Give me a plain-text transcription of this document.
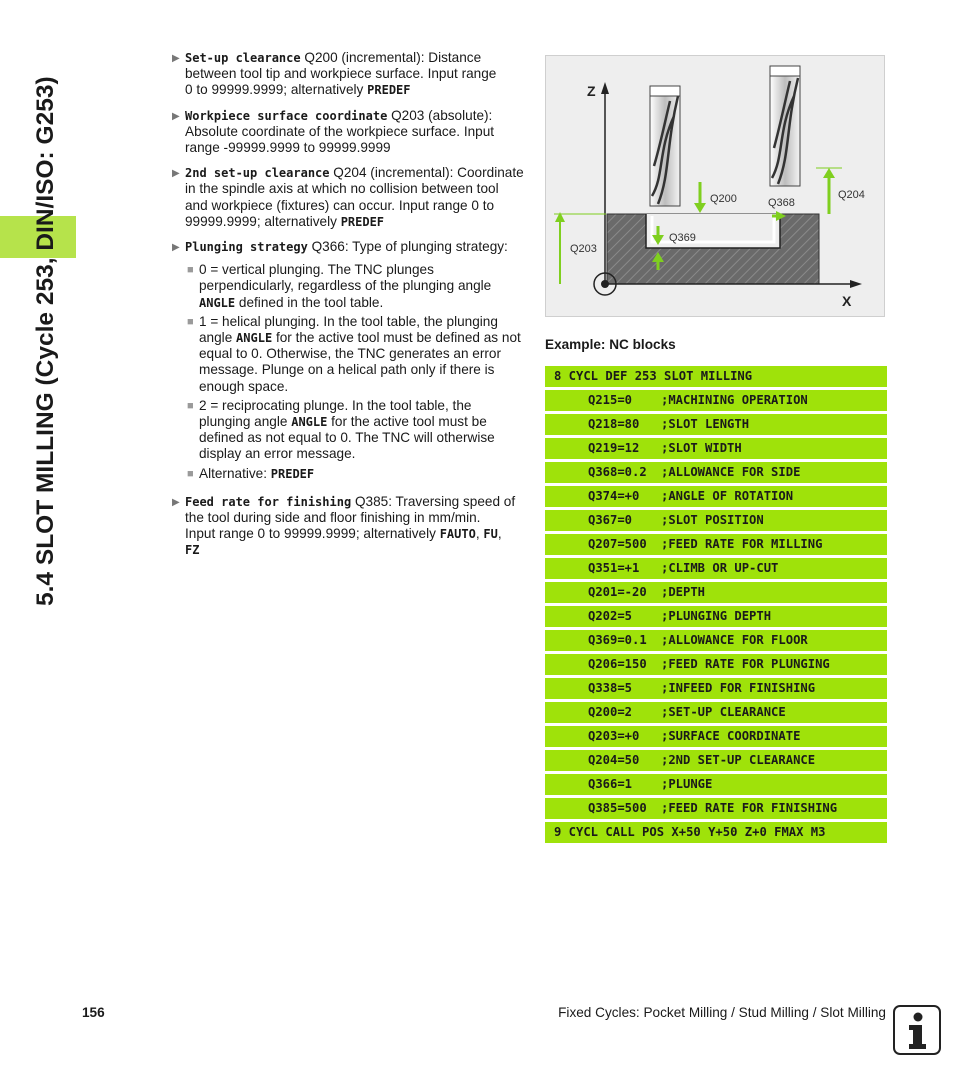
5.4 SLOT MILLING (Cycle 253, DIN/ISO: G253)
▶ Set-up clearance Q200 (incremental): Distance
between tool tip and workpiece surface. Input range
0 to 99999.9999; alternatively PREDEF
▶ Workpiece surface coordinate Q203 (absolute):
Absolute coordinate of the workpiece surface. Input
range -99999.9999 to 99999.9999
▶ 2nd set-up clearance Q204 (incremental): Coordinate
in the spindle axis at which no collision between tool
and workpiece (fixtures) can occur. Input range 0 to
99999.9999; alternatively PREDEF
▶ Plunging strategy Q366: Type of plunging strategy:
■ 0 = vertical plunging. The TNC plunges perpendicularly, regardless of the plunging angle ANGLE defined in the tool table.
■ 1 = helical plunging. In the tool table, the plunging angle ANGLE for the active tool must be defined as not equal to 0. Otherwise, the TNC generates an error message. Plunge on a helical path only if there is enough space.
■ 2 = reciprocating plunge. In the tool table, the plunging angle ANGLE for the active tool must be defined as not equal to 0. The TNC will otherwise display an error message.
■ Alternative: PREDEF
▶ Feed rate for finishing Q385: Traversing speed of
the tool during side and floor finishing in mm/min.
Input range 0 to 99999.9999; alternatively FAUTO, FU,
FZ
Z
X
Q203
Q200	Q368
Q204
Q369
Example: NC blocks
8 CYCL DEF 253 SLOT MILLING
Q215=0 ;MACHINING OPERATION
Q218=80 ;SLOT LENGTH
Q219=12 ;SLOT WIDTH
Q368=0.2 ;ALLOWANCE FOR SIDE
Q374=+0 ;ANGLE OF ROTATION
Q367=0 ;SLOT POSITION
Q207=500 ;FEED RATE FOR MILLING
Q351=+1 ;CLIMB OR UP-CUT
Q201=-20 ;DEPTH
Q202=5 ;PLUNGING DEPTH
Q369=0.1 ;ALLOWANCE FOR FLOOR
Q206=150 ;FEED RATE FOR PLUNGING
Q338=5 ;INFEED FOR FINISHING
Q200=2 ;SET-UP CLEARANCE
Q203=+0 ;SURFACE COORDINATE
Q204=50 ;2ND SET-UP CLEARANCE
Q366=1 ;PLUNGE
Q385=500 ;FEED RATE FOR FINISHING
9 CYCL CALL POS X+50 Y+50 Z+0 FMAX M3
156	Fixed Cycles: Pocket Milling / Stud Milling / Slot Milling
